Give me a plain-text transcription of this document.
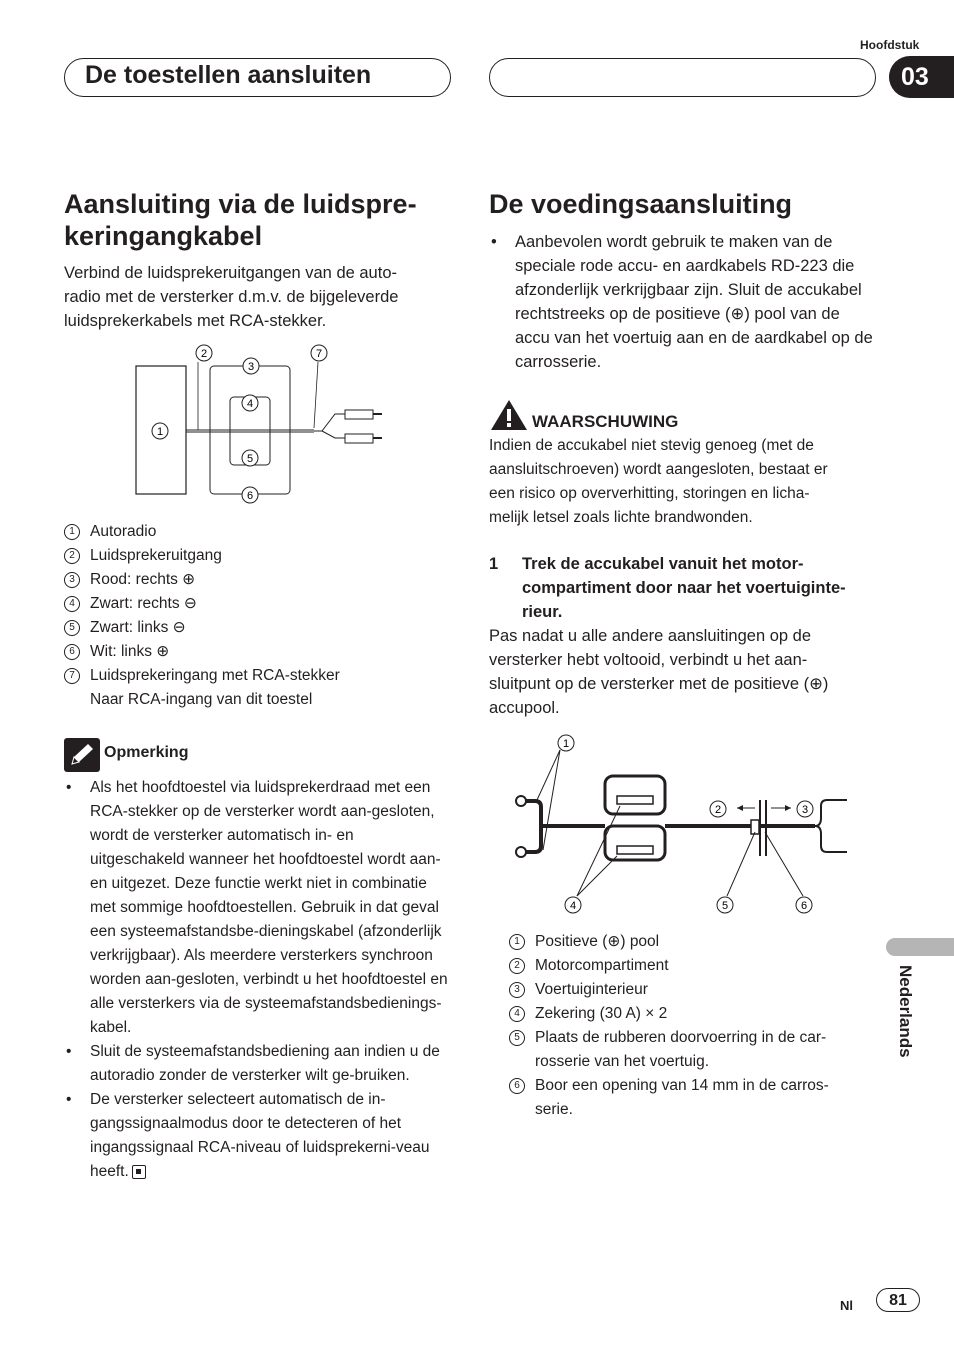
Hoofdstuk
De toestellen aansluiten	03
Aansluiting via de luidspre-
keringangkabel
Verbind de luidsprekeruitgangen van de auto-
radio met de versterker d.m.v. de bijgeleverde
luidsprekerkabels met RCA-stekker.
1
2
3
4
5
6
7
1 Autoradio
2 Luidsprekeruitgang
3 Rood: rechts ⊕
4 Zwart: rechts ⊖
5 Zwart: links ⊖
6 Wit: links ⊕
7 Luidsprekeringang met RCA-stekker
Naar RCA-ingang van dit toestel
Opmerking
• Als het hoofdtoestel via luidsprekerdraad met een RCA-stekker op de versterker wordt aan-gesloten, wordt de versterker automatisch in- en uitgeschakeld wanneer het hoofdtoestel wordt aan- en uitgezet. Deze functie werkt niet in combinatie met sommige hoofdtoestellen. Gebruik in dat geval een systeemafstandsbe-dieningskabel (afzonderlijk verkrijgbaar). Als meerdere versterkers synchroon worden aan-gesloten, verbindt u het hoofdtoestel en alle versterkers via de systeemafstandsbedienings-kabel.
• Sluit de systeemafstandsbediening aan indien u de autoradio zonder de versterker wilt ge-bruiken.
• De versterker selecteert automatisch de in-gangssignaalmodus door te detecteren of het ingangssignaal RCA-niveau of luidsprekerni-veau heeft.
De voedingsaansluiting
• Aanbevolen wordt gebruik te maken van de speciale rode accu- en aardkabels RD-223 die afzonderlijk verkrijgbaar zijn. Sluit de accukabel rechtstreeks op de positieve (⊕) pool van de accu van het voertuig aan en de aardkabel op de carrosserie.
WAARSCHUWING
Indien de accukabel niet stevig genoeg (met de
aansluitschroeven) wordt aangesloten, bestaat er
een risico op oververhitting, storingen en licha-
melijk letsel zoals lichte brandwonden.
1 Trek de accukabel vanuit het motor-
compartiment door naar het voertuiginte-
rieur.
Pas nadat u alle andere aansluitingen op de
versterker hebt voltooid, verbindt u het aan-
sluitpunt op de versterker met de positieve (⊕)
accupool.
1
2	3
4	5	6
1 Positieve (⊕) pool
2 Motorcompartiment
3 Voertuiginterieur
4 Zekering (30 A) × 2
5 Plaats de rubberen doorvoerring in de car-
rosserie van het voertuig.
6 Boor een opening van 14 mm in de carros-
serie.
Nederlands
Nl	81
